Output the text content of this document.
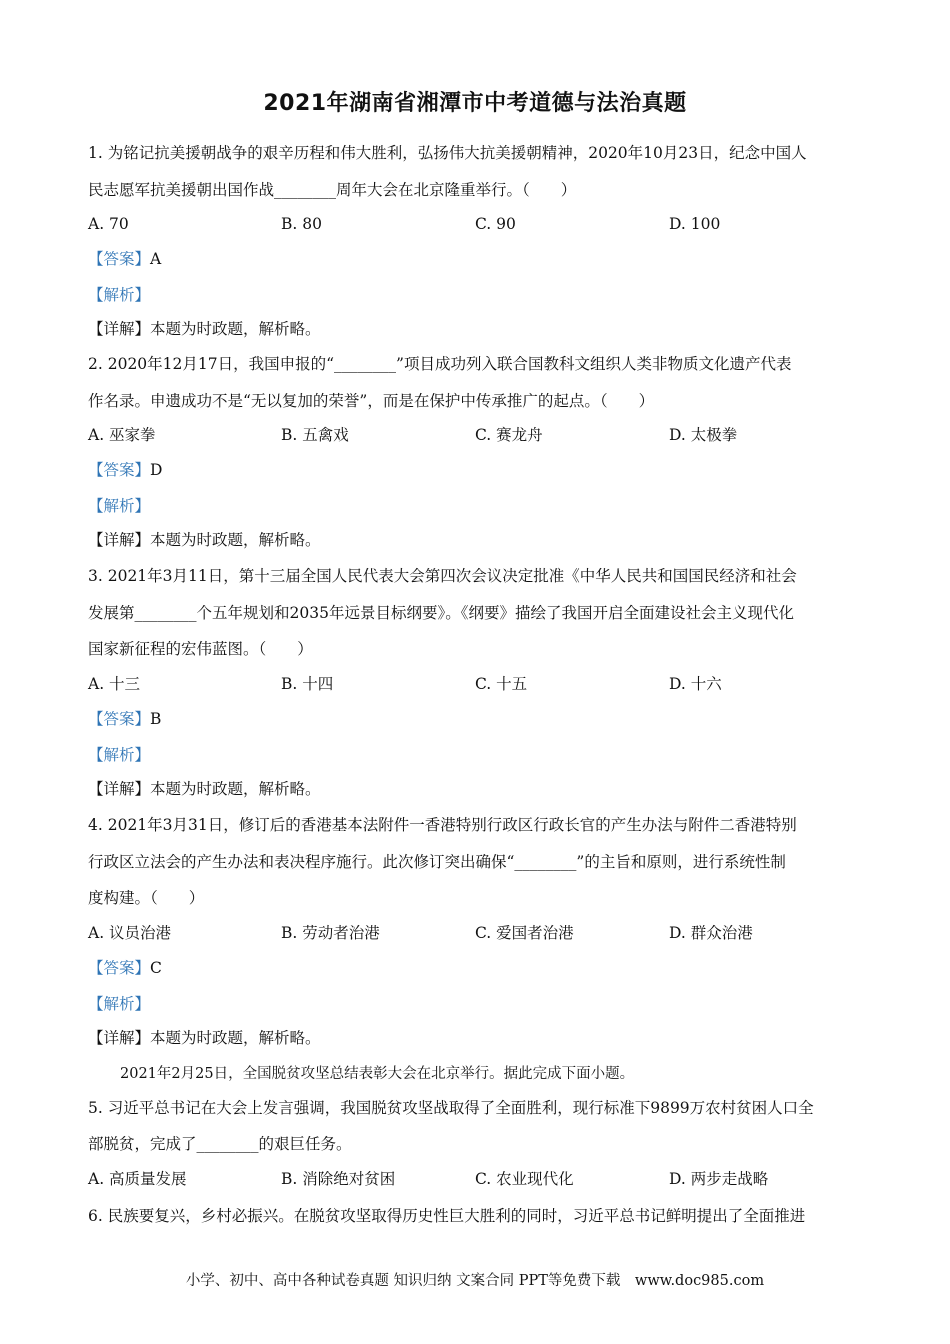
2021年湖南省湘潭市中考道德与法治真题
1. 为铭记抗美援朝战争的艰辛历程和伟大胜利，弘扬伟大抗美援朝精神，2020年10月23日，纪念中国人
民志愿军抗美援朝出国作战________周年大会在北京隆重举行。（　　）
A. 70	B. 80	C. 90	D. 100
【答案】A
【解析】
【详解】本题为时政题，解析略。
2. 2020年12月17日，我国申报的“________”项目成功列入联合国教科文组织人类非物质文化遗产代表
作名录。申遗成功不是“无以复加的荣誉”，而是在保护中传承推广的起点。（　　）
A. 巫家拳	B. 五禽戏	C. 赛龙舟	D. 太极拳
【答案】D
【解析】
【详解】本题为时政题，解析略。
3. 2021年3月11日，第十三届全国人民代表大会第四次会议决定批准《中华人民共和国国民经济和社会
发展第________个五年规划和2035年远景目标纲要》。《纲要》描绘了我国开启全面建设社会主义现代化
国家新征程的宏伟蓝图。（　　）
A. 十三	B. 十四	C. 十五	D. 十六
【答案】B
【解析】
【详解】本题为时政题，解析略。
4. 2021年3月31日，修订后的香港基本法附件一香港特别行政区行政长官的产生办法与附件二香港特别
行政区立法会的产生办法和表决程序施行。此次修订突出确保“________”的主旨和原则，进行系统性制
度构建。（　　）
A. 议员治港	B. 劳动者治港	C. 爱国者治港	D. 群众治港
【答案】C
【解析】
【详解】本题为时政题，解析略。
2021年2月25日，全国脱贫攻坚总结表彰大会在北京举行。据此完成下面小题。
5. 习近平总书记在大会上发言强调，我国脱贫攻坚战取得了全面胜利，现行标准下9899万农村贫困人口全
部脱贫，完成了________的艰巨任务。
A. 高质量发展	B. 消除绝对贫困	C. 农业现代化	D. 两步走战略
6. 民族要复兴，乡村必振兴。在脱贫攻坚取得历史性巨大胜利的同时，习近平总书记鲜明提出了全面推进
小学、初中、高中各种试卷真题 知识归纳 文案合同 PPT等免费下载　www.doc985.com
